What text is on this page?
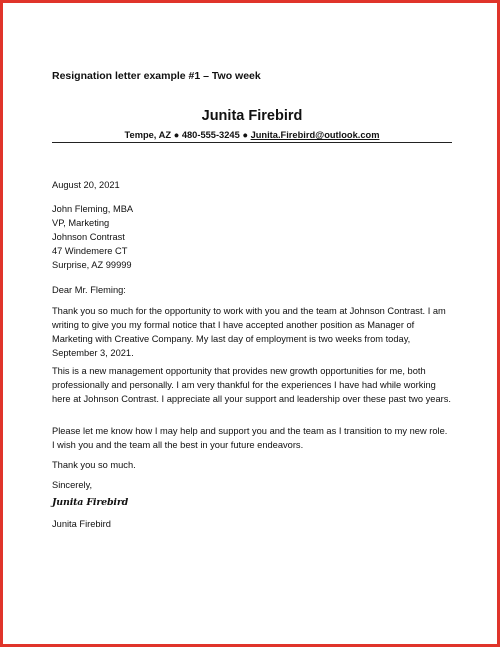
Resignation letter example #1 – Two week
Junita Firebird
Tempe, AZ ● 480-555-3245 ● Junita.Firebird@outlook.com
August 20, 2021
John Fleming, MBA
VP, Marketing
Johnson Contrast
47 Windemere CT
Surprise, AZ 99999
Dear Mr. Fleming:
Thank you so much for the opportunity to work with you and the team at Johnson Contrast. I am writing to give you my formal notice that I have accepted another position as Manager of Marketing with Creative Company. My last day of employment is two weeks from today, September 3, 2021.
This is a new management opportunity that provides new growth opportunities for me, both professionally and personally. I am very thankful for the experiences I have had while working here at Johnson Contrast. I appreciate all your support and leadership over these past two years.
Please let me know how I may help and support you and the team as I transition to my new role. I wish you and the team all the best in your future endeavors.
Thank you so much.
Sincerely,
Junita Firebird
Junita Firebird
